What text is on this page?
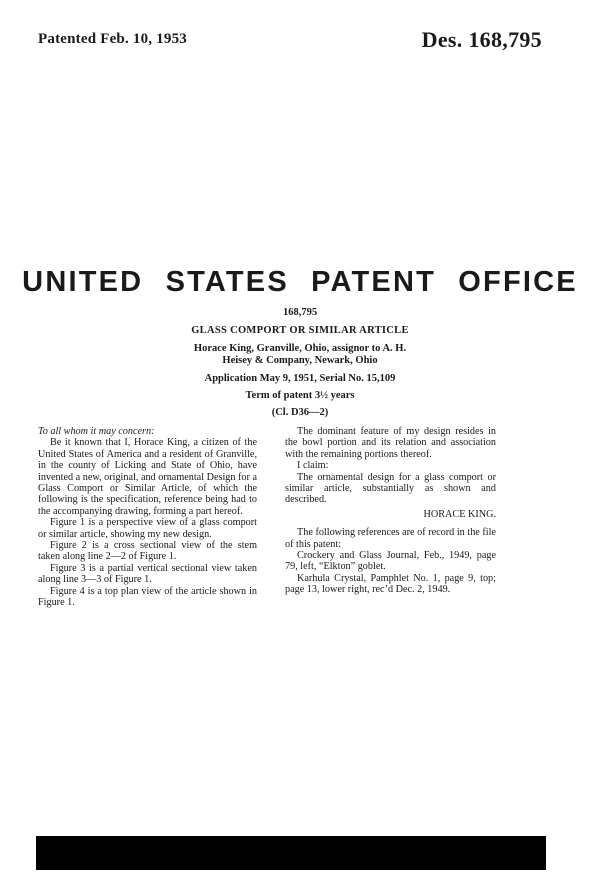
Patented Feb. 10, 1953	Des. 168,795
UNITED STATES PATENT OFFICE
168,795
GLASS COMPORT OR SIMILAR ARTICLE
Horace King, Granville, Ohio, assignor to A. H.
Heisey & Company, Newark, Ohio
Application May 9, 1951, Serial No. 15,109
Term of patent 3½ years
(Cl. D36—2)

To all whom it may concern:

Be it known that I, Horace King, a citizen of the United States of America and a resident of Granville, in the county of Licking and State of Ohio, have invented a new, original, and ornamental Design for a Glass Comport or Similar Article, of which the following is the specification, reference being had to the accompanying drawing, forming a part hereof.

Figure 1 is a perspective view of a glass comport or similar article, showing my new design.

Figure 2 is a cross sectional view of the stem taken along line 2—2 of Figure 1.

Figure 3 is a partial vertical sectional view taken along line 3—3 of Figure 1.

Figure 4 is a top plan view of the article shown in Figure 1.

The dominant feature of my design resides in the bowl portion and its relation and association with the remaining portions thereof.

I claim:

The ornamental design for a glass comport or similar article, substantially as shown and described.

HORACE KING.

The following references are of record in the file of this patent:

Crockery and Glass Journal, Feb., 1949, page 79, left, “Elkton” goblet.

Karhula Crystal, Pamphlet No. 1, page 9, top; page 13, lower right, rec’d Dec. 2, 1949.
